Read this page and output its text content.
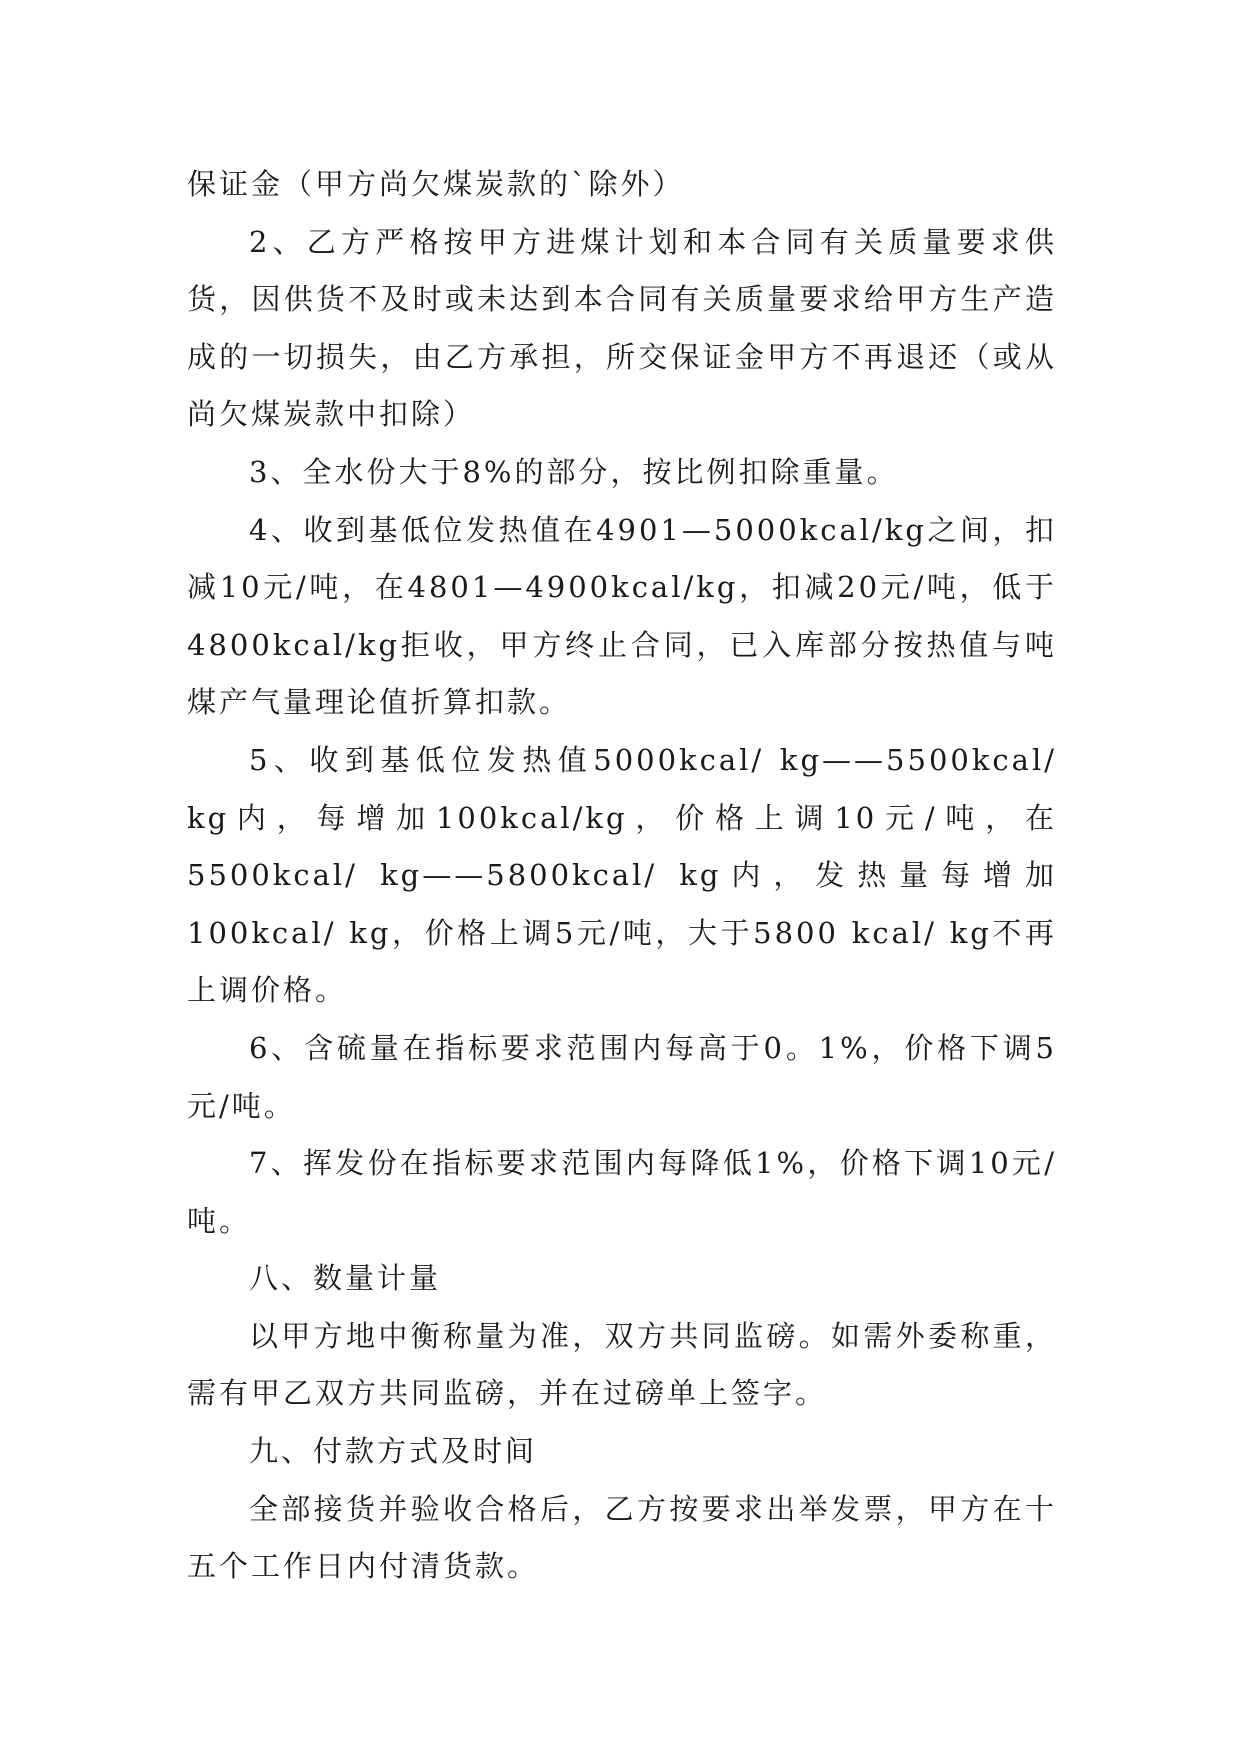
保证金（甲方尚欠煤炭款的`除外）

2、乙方严格按甲方进煤计划和本合同有关质量要求供货，因供货不及时或未达到本合同有关质量要求给甲方生产造成的一切损失，由乙方承担，所交保证金甲方不再退还（或从尚欠煤炭款中扣除）

3、全水份大于8%的部分，按比例扣除重量。

4、收到基低位发热值在4901—5000kcal/kg之间，扣减10元/吨，在4801—4900kcal/kg，扣减20元/吨，低于4800kcal/kg拒收，甲方终止合同，已入库部分按热值与吨煤产气量理论值折算扣款。

5、收到基低位发热值5000kcal/ kg——5500kcal/ kg内，每增加100kcal/kg，价格上调10元/吨，在5500kcal/ kg——5800kcal/ kg内，发热量每增加100kcal/ kg，价格上调5元/吨，大于5800 kcal/ kg不再上调价格。

6、含硫量在指标要求范围内每高于0。1%，价格下调5元/吨。

7、挥发份在指标要求范围内每降低1%，价格下调10元/吨。

八、数量计量

以甲方地中衡称量为准，双方共同监磅。如需外委称重，需有甲乙双方共同监磅，并在过磅单上签字。

九、付款方式及时间

全部接货并验收合格后，乙方按要求出举发票，甲方在十五个工作日内付清货款。
